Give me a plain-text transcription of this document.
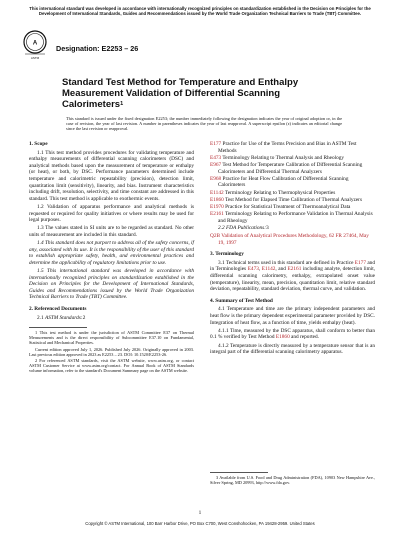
This international standard was developed in accordance with internationally recognized principles on standardization established in the Decision on Principles for the Development of International Standards, Guides and Recommendations issued by the World Trade Organization Technical Barriers to Trade (TBT) Committee.
A
ASTM
Designation: E2253 – 26
Standard Test Method for Temperature and Enthalpy Measurement Validation of Differential Scanning Calorimeters$^1$
This standard is issued under the fixed designation E2253; the number immediately following the designation indicates the year of original adoption or, in the case of revision, the year of last revision. A number in parentheses indicates the year of last reapproval. A superscript epsilon (ε) indicates an editorial change since the last revision or reapproval.
1. Scope

1.1 This test method provides procedures for validating temperature and enthalpy measurements of differential scanning calorimeters (DSC) and analytical methods based upon the measurement of temperature or enthalpy (or heat), or both, by DSC. Performance parameters determined include temperature and calorimetric repeatability (precision), detection limit, quantitation limit (sensitivity), linearity, and bias. Instrument characteristics including drift, resolution, selectivity, and time constant are addressed in this standard. This test method is applicable to exothermic events.

1.2 Validation of apparatus performance and analytical methods is requested or required for quality initiatives or where results may be used for legal purposes.

1.3 The values stated in SI units are to be regarded as standard. No other units of measurement are included in this standard.

1.4 This standard does not purport to address all of the safety concerns, if any, associated with its use. It is the responsibility of the user of this standard to establish appropriate safety, health, and environmental practices and determine the applicability of regulatory limitations prior to use.

1.5 This international standard was developed in accordance with internationally recognized principles on standardization established in the Decision on Principles for the Development of International Standards, Guides and Recommendations issued by the World Trade Organization Technical Barriers to Trade (TBT) Committee.

2. Referenced Documents

2.1 ASTM Standards:2

1 This test method is under the jurisdiction of ASTM Committee E37 on Thermal Measurements and is the direct responsibility of Subcommittee E37.10 on Fundamental, Statistical and Mechanical Properties.

Current edition approved July 1, 2026. Published July 2026. Originally approved in 2003. Last previous edition approved in 2023 as E2253 – 23. DOI: 10.1520/E2253-26.

2 For referenced ASTM standards, visit the ASTM website, www.astm.org, or contact ASTM Customer Service at www.astm.org/contact. For Annual Book of ASTM Standards volume information, refer to the standard's Document Summary page on the ASTM website.

E177 Practice for Use of the Terms Precision and Bias in ASTM Test Methods

E473 Terminology Relating to Thermal Analysis and Rheology

E967 Test Method for Temperature Calibration of Differential Scanning Calorimeters and Differential Thermal Analyzers

E968 Practice for Heat Flow Calibration of Differential Scanning Calorimeters

E1142 Terminology Relating to Thermophysical Properties

E1860 Test Method for Elapsed Time Calibration of Thermal Analyzers

E1970 Practice for Statistical Treatment of Thermoanalytical Data

E2161 Terminology Relating to Performance Validation in Thermal Analysis and Rheology

2.2 FDA Publications:3

Q2B Validation of Analytical Procedures Methodology, 62 FR 27464, May 19, 1997

3. Terminology

3.1 Technical terms used in this standard are defined in Practice E177 and in Terminologies E473, E1142, and E2161 including analyte, detection limit, differential scanning calorimetry, enthalpy, extrapolated onset value (temperature), linearity, mean, precision, quantitation limit, relative standard deviation, repeatability, standard deviation, thermal curve, and validation.

4. Summary of Test Method

4.1 Temperature and time are the primary independent parameters and heat flow is the primary dependent experimental parameter provided by DSC. Integration of heat flow, as a function of time, yields enthalpy (heat).

4.1.1 Time, measured by the DSC apparatus, shall conform to better than 0.1 % verified by Test Method E1860 and reported.

4.1.2 Temperature is directly measured by a temperature sensor that is an integral part of the differential scanning calorimetry apparatus.

3 Available from U.S. Food and Drug Administration (FDA), 10903 New Hampshire Ave., Silver Spring, MD 20993, http://www.fda.gov.

1
Copyright © ASTM International, 100 Barr Harbor Drive, PO Box C700, West Conshohocken, PA 19428-2959. United States
